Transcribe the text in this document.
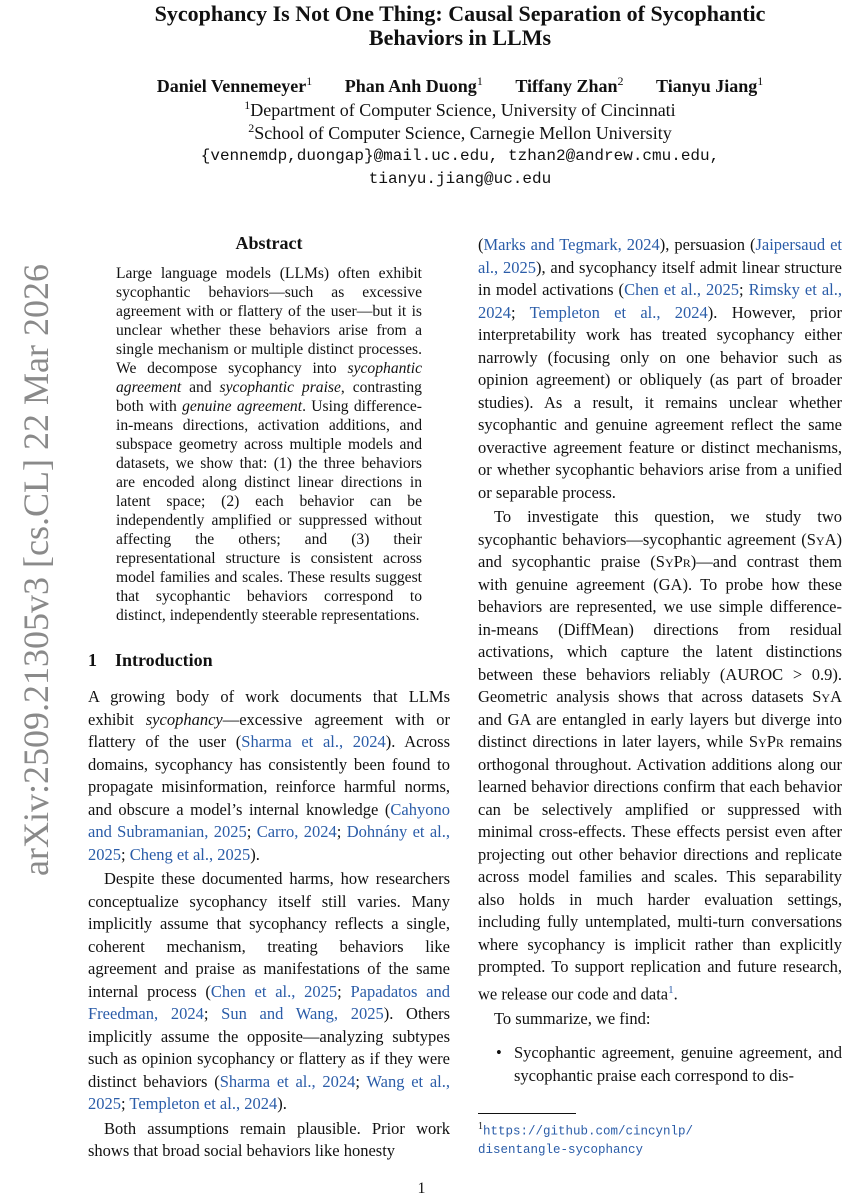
Sycophancy Is Not One Thing: Causal Separation of Sycophantic
Behaviors in LLMs
Daniel Vennemeyer$^1$ Phan Anh Duong$^1$ Tiffany Zhan$^2$ Tianyu Jiang$^1$
$^1$Department of Computer Science, University of Cincinnati
$^2$School of Computer Science, Carnegie Mellon University
{vennemdp,duongap}@mail.uc.edu, tzhan2@andrew.cmu.edu,
tianyu.jiang@uc.edu
arXiv:2509.21305v3 [cs.CL] 22 Mar 2026
Abstract
Large language models (LLMs) often exhibit sycophantic behaviors—such as excessive agreement with or flattery of the user—but it is unclear whether these behaviors arise from a single mechanism or multiple distinct processes. We decompose sycophancy into sycophantic agreement and sycophantic praise, contrasting both with genuine agreement. Using difference-in-means directions, activation additions, and subspace geometry across multiple models and datasets, we show that: (1) the three behaviors are encoded along distinct linear directions in latent space; (2) each behavior can be independently amplified or suppressed without affecting the others; and (3) their representational structure is consistent across model families and scales. These results suggest that sycophantic behaviors correspond to distinct, independently steerable representations.
1 Introduction

A growing body of work documents that LLMs exhibit sycophancy—excessive agreement with or flattery of the user (Sharma et al., 2024). Across domains, sycophancy has consistently been found to propagate misinformation, reinforce harmful norms, and obscure a model’s internal knowledge (Cahyono and Subramanian, 2025; Carro, 2024; Dohnány et al., 2025; Cheng et al., 2025).

Despite these documented harms, how researchers conceptualize sycophancy itself still varies. Many implicitly assume that sycophancy reflects a single, coherent mechanism, treating behaviors like agreement and praise as manifestations of the same internal process (Chen et al., 2025; Papadatos and Freedman, 2024; Sun and Wang, 2025). Others implicitly assume the opposite—analyzing subtypes such as opinion sycophancy or flattery as if they were distinct behaviors (Sharma et al., 2024; Wang et al., 2025; Templeton et al., 2024).

Both assumptions remain plausible. Prior work shows that broad social behaviors like honesty

(Marks and Tegmark, 2024), persuasion (Jaipersaud et al., 2025), and sycophancy itself admit linear structure in model activations (Chen et al., 2025; Rimsky et al., 2024; Templeton et al., 2024). However, prior interpretability work has treated sycophancy either narrowly (focusing only on one behavior such as opinion agreement) or obliquely (as part of broader studies). As a result, it remains unclear whether sycophantic and genuine agreement reflect the same overactive agreement feature or distinct mechanisms, or whether sycophantic behaviors arise from a unified or separable process.

To investigate this question, we study two sycophantic behaviors—sycophantic agreement (SyA) and sycophantic praise (SyPr)—and contrast them with genuine agreement (GA). To probe how these behaviors are represented, we use simple difference-in-means (DiffMean) directions from residual activations, which capture the latent distinctions between these behaviors reliably (AUROC > 0.9). Geometric analysis shows that across datasets SyA and GA are entangled in early layers but diverge into distinct directions in later layers, while SyPr remains orthogonal throughout. Activation additions along our learned behavior directions confirm that each behavior can be selectively amplified or suppressed with minimal cross-effects. These effects persist even after projecting out other behavior directions and replicate across model families and scales. This separability also holds in much harder evaluation settings, including fully untemplated, multi-turn conversations where sycophancy is implicit rather than explicitly prompted. To support replication and future research, we release our code and data$^1$.

To summarize, we find:

• Sycophantic agreement, genuine agreement, and sycophantic praise each correspond to dis-

$^1$https://github.com/cincynlp/
disentangle-sycophancy
1
